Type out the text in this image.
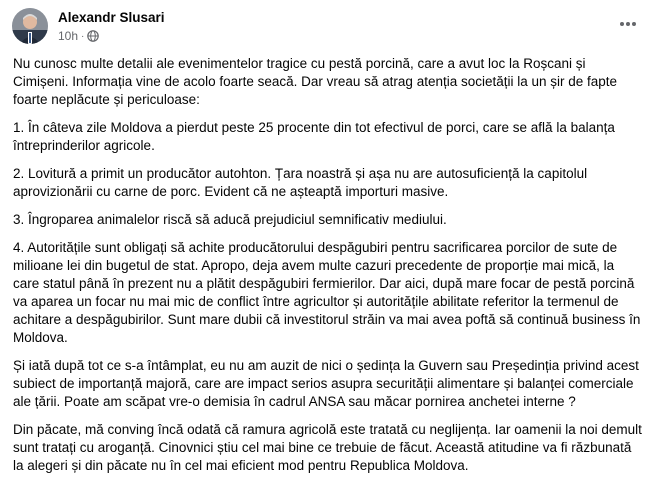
Alexandr Slusari
10h ·

Nu cunosc multe detalii ale evenimentelor tragice cu pestă porcină, care a avut loc la Roșcani și Cimișeni. Informația vine de acolo foarte seacă. Dar vreau să atrag atenția societății la un șir de fapte foarte neplăcute și periculoase:

1. În câteva zile Moldova a pierdut peste 25 procente din tot efectivul de porci, care se află la balanța întreprinderilor agricole.

2. Lovitură a primit un producător autohton. Țara noastră și așa nu are autosuficiență la capitolul aprovizionării cu carne de porc. Evident că ne așteaptă importuri masive.

3. Îngroparea animalelor riscă să aducă prejudiciul semnificativ mediului.

4. Autoritățile sunt obligați să achite producătorului despăgubiri pentru sacrificarea porcilor de sute de milioane lei din bugetul de stat. Apropo, deja avem multe cazuri precedente de proporție mai mică, la care statul până în prezent nu a plătit despăgubiri fermierilor. Dar aici, după mare focar de pestă porcină va aparea un focar nu mai mic de conflict între agricultor și autoritățile abilitate referitor la termenul de achitare a despăgubirilor. Sunt mare dubii că investitorul străin va mai avea poftă să continuă business în Moldova.

Și iată după tot ce s-a întâmplat, eu nu am auzit de nici o ședința la Guvern sau Președinția privind acest subiect de importanță majoră, care are impact serios asupra securității alimentare și balanței comerciale ale țării. Poate am scăpat vre-o demisia în cadrul ANSA sau măcar pornirea anchetei interne ?

Din păcate, mă conving încă odată că ramura agricolă este tratată cu neglijența. Iar oamenii la noi demult sunt tratați cu aroganță. Cinovnici știu cel mai bine ce trebuie de făcut. Această atitudine va fi răzbunată la alegeri și din păcate nu în cel mai eficient mod pentru Republica Moldova.
